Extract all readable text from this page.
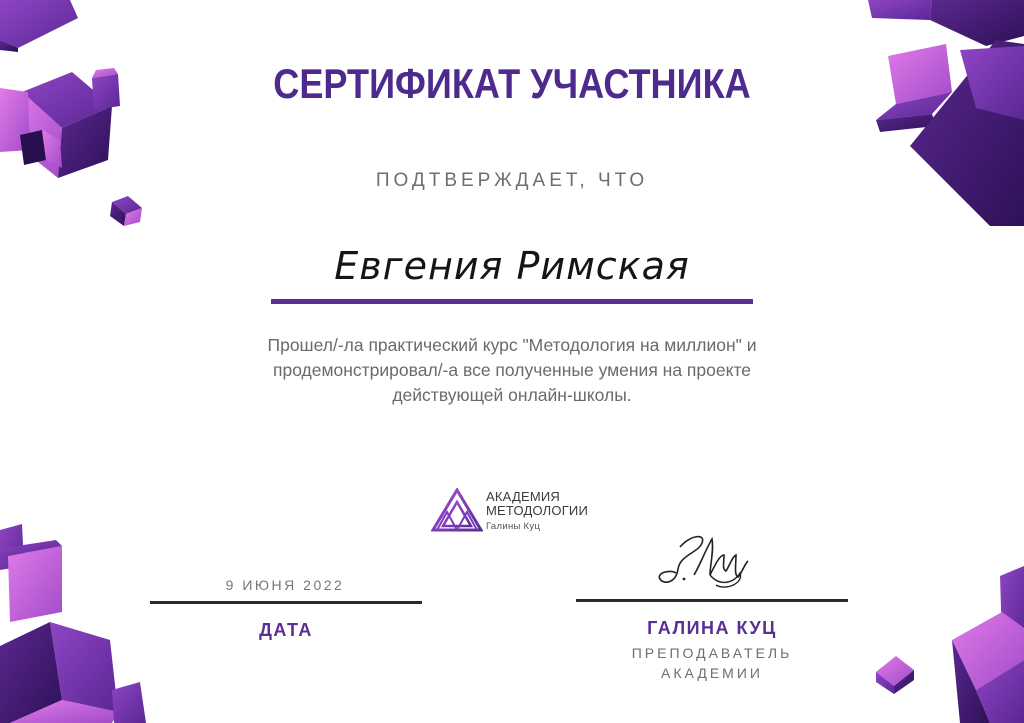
СЕРТИФИКАТ УЧАСТНИКА
ПОДТВЕРЖДАЕТ, ЧТО
Евгения Римская
Прошел/-ла практический курс "Методология на миллион" и
продемонстрировал/-а все полученные умения на проекте
действующей онлайн-школы.
АКАДЕМИЯ
МЕТОДОЛОГИИ
Галины Куц
9 ИЮНЯ 2022
ДАТА	ГАЛИНА КУЦ
ПРЕПОДАВАТЕЛЬ
АКАДЕМИИ
